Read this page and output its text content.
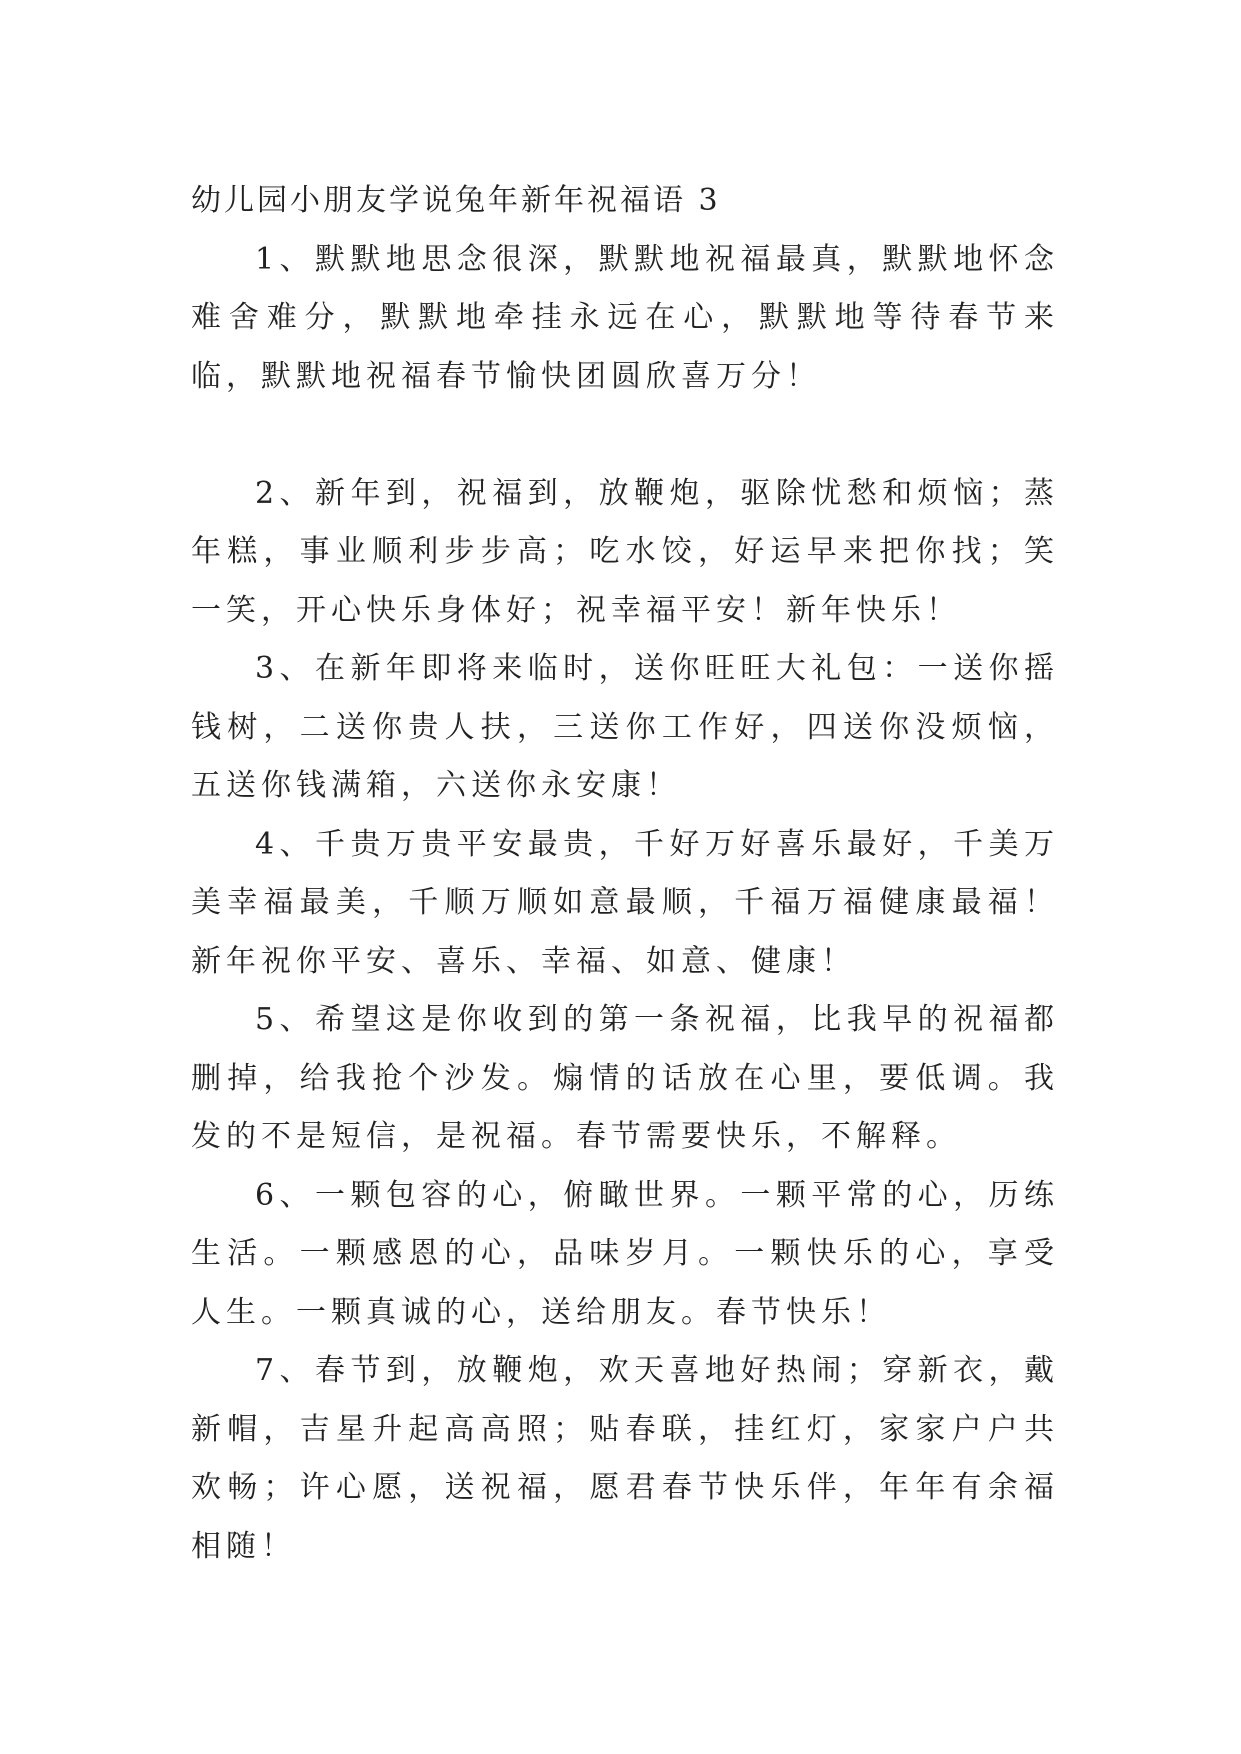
幼儿园小朋友学说兔年新年祝福语 3

1、默默地思念很深，默默地祝福最真，默默地怀念难舍难分，默默地牵挂永远在心，默默地等待春节来临，默默地祝福春节愉快团圆欣喜万分！

2、新年到，祝福到，放鞭炮，驱除忧愁和烦恼；蒸年糕，事业顺利步步高；吃水饺，好运早来把你找；笑一笑，开心快乐身体好；祝幸福平安！新年快乐！

3、在新年即将来临时，送你旺旺大礼包：一送你摇钱树，二送你贵人扶，三送你工作好，四送你没烦恼，五送你钱满箱，六送你永安康！

4、千贵万贵平安最贵，千好万好喜乐最好，千美万美幸福最美，千顺万顺如意最顺，千福万福健康最福！新年祝你平安、喜乐、幸福、如意、健康！

5、希望这是你收到的第一条祝福，比我早的祝福都删掉，给我抢个沙发。煽情的话放在心里，要低调。我发的不是短信，是祝福。春节需要快乐，不解释。

6、一颗包容的心，俯瞰世界。一颗平常的心，历练生活。一颗感恩的心，品味岁月。一颗快乐的心，享受人生。一颗真诚的心，送给朋友。春节快乐！

7、春节到，放鞭炮，欢天喜地好热闹；穿新衣，戴新帽，吉星升起高高照；贴春联，挂红灯，家家户户共欢畅；许心愿，送祝福，愿君春节快乐伴，年年有余福相随！
